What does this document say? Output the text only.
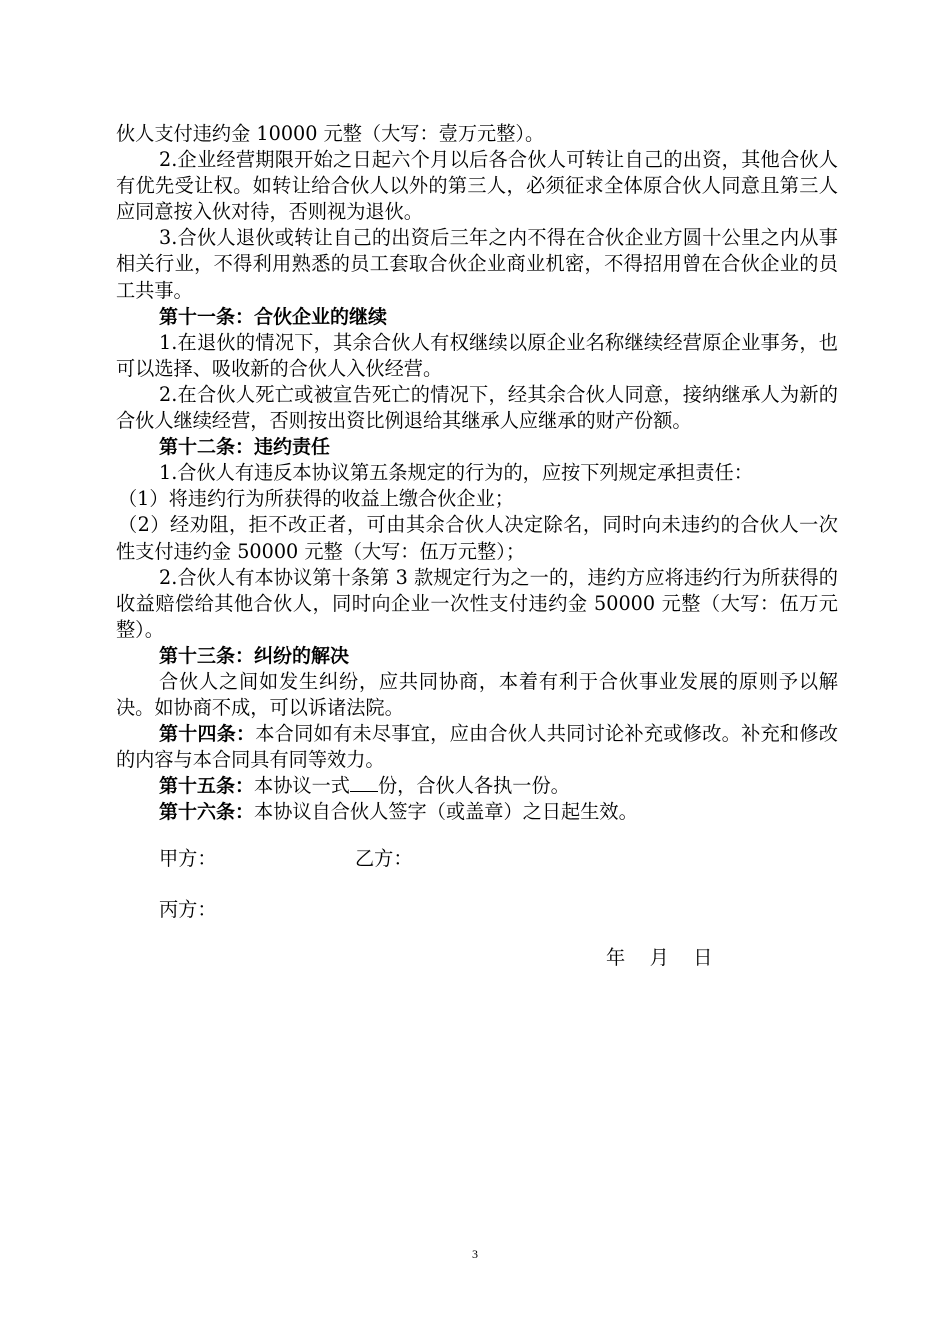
伙人支付违约金 10000 元整（大写：壹万元整）。

2.企业经营期限开始之日起六个月以后各合伙人可转让自己的出资，其他合伙人有优先受让权。如转让给合伙人以外的第三人，必须征求全体原合伙人同意且第三人应同意按入伙对待，否则视为退伙。

3.合伙人退伙或转让自己的出资后三年之内不得在合伙企业方圆十公里之内从事相关行业，不得利用熟悉的员工套取合伙企业商业机密，不得招用曾在合伙企业的员工共事。

第十一条：合伙企业的继续

1.在退伙的情况下，其余合伙人有权继续以原企业名称继续经营原企业事务，也可以选择、吸收新的合伙人入伙经营。

2.在合伙人死亡或被宣告死亡的情况下，经其余合伙人同意，接纳继承人为新的合伙人继续经营，否则按出资比例退给其继承人应继承的财产份额。

第十二条：违约责任

1.合伙人有违反本协议第五条规定的行为的，应按下列规定承担责任：

（1）将违约行为所获得的收益上缴合伙企业；

（2）经劝阻，拒不改正者，可由其余合伙人决定除名，同时向未违约的合伙人一次性支付违约金 50000 元整（大写：伍万元整）；

2.合伙人有本协议第十条第 3 款规定行为之一的，违约方应将违约行为所获得的收益赔偿给其他合伙人，同时向企业一次性支付违约金 50000 元整（大写：伍万元整）。

第十三条：纠纷的解决

合伙人之间如发生纠纷，应共同协商，本着有利于合伙事业发展的原则予以解决。如协商不成，可以诉诸法院。

第十四条：本合同如有未尽事宜，应由合伙人共同讨论补充或修改。补充和修改的内容与本合同具有同等效力。

第十五条：本协议一式 份，合伙人各执一份。

第十六条：本协议自合伙人签字（或盖章）之日起生效。

甲方：	乙方：
丙方：
年 月 日
3
